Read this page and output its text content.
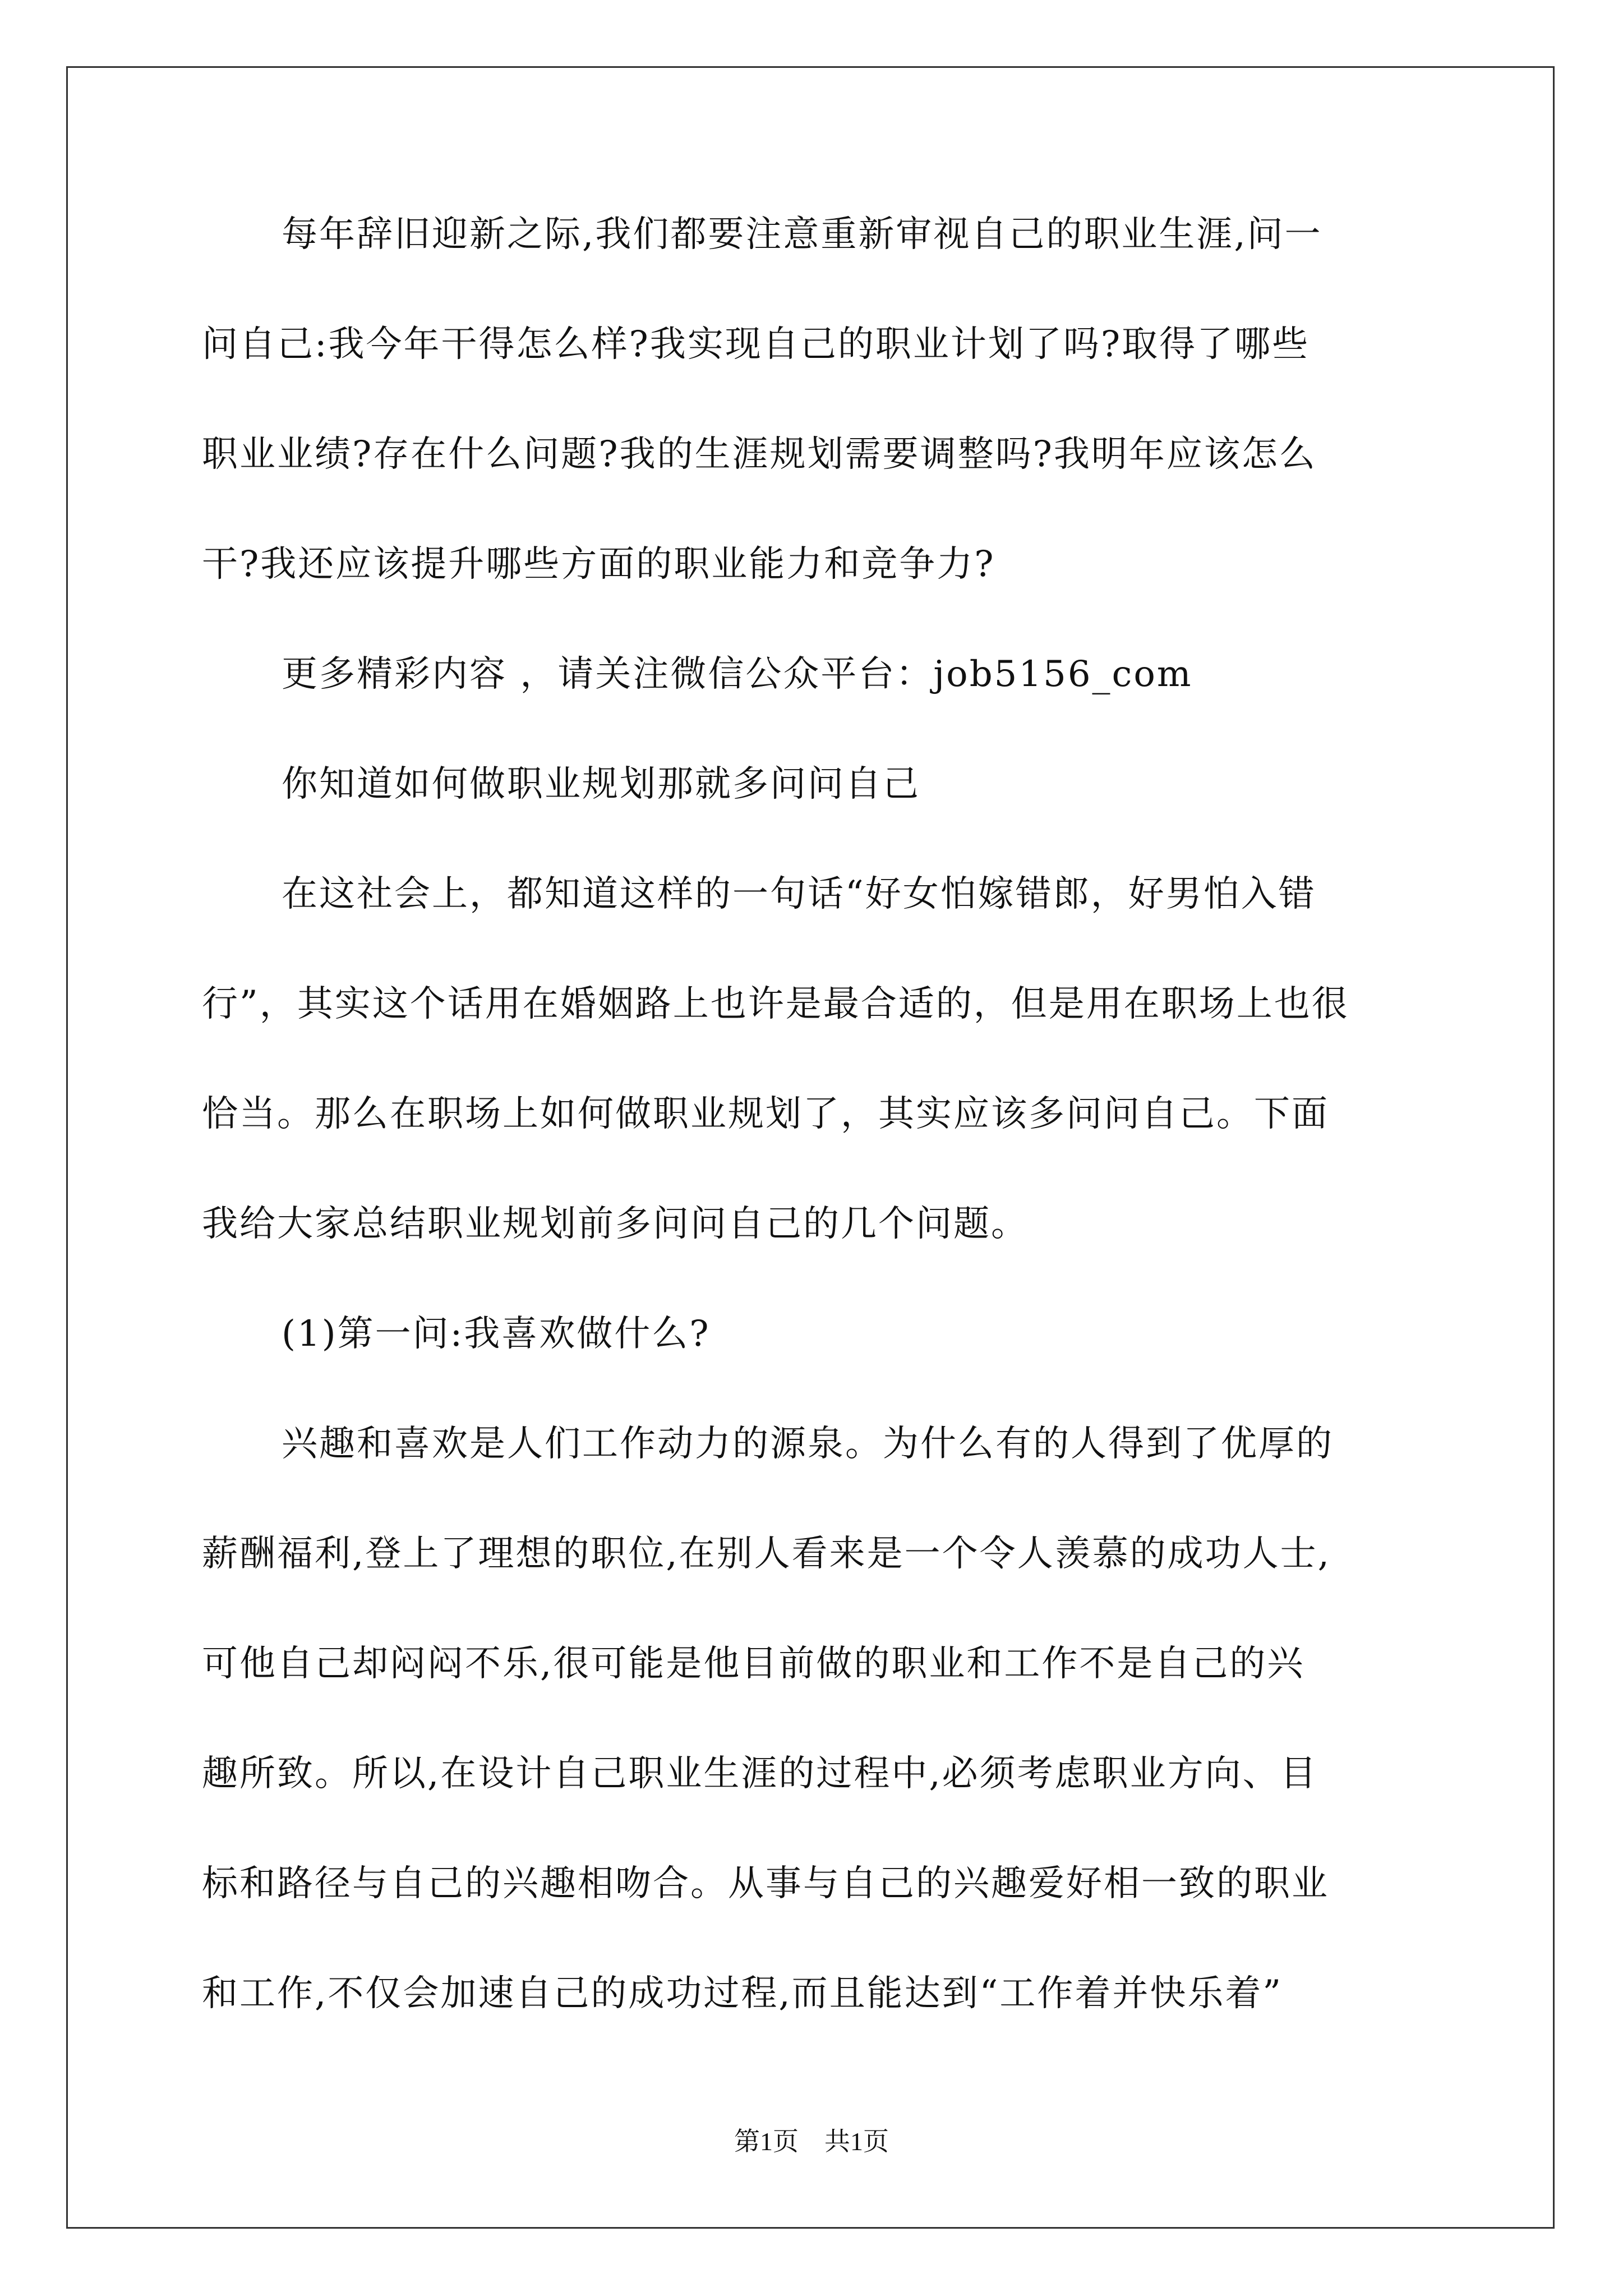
每年辞旧迎新之际,我们都要注意重新审视自己的职业生涯,问一
问自己:我今年干得怎么样?我实现自己的职业计划了吗?取得了哪些
职业业绩?存在什么问题?我的生涯规划需要调整吗?我明年应该怎么
干?我还应该提升哪些方面的职业能力和竞争力?
更多精彩内容 ，请关注微信公众平台：job5156_com
你知道如何做职业规划那就多问问自己
在这社会上，都知道这样的一句话“好女怕嫁错郎，好男怕入错
行”，其实这个话用在婚姻路上也许是最合适的，但是用在职场上也很
恰当。那么在职场上如何做职业规划了，其实应该多问问自己。下面
我给大家总结职业规划前多问问自己的几个问题。
(1)第一问:我喜欢做什么?
兴趣和喜欢是人们工作动力的源泉。为什么有的人得到了优厚的
薪酬福利,登上了理想的职位,在别人看来是一个令人羡慕的成功人士,
可他自己却闷闷不乐,很可能是他目前做的职业和工作不是自己的兴
趣所致。所以,在设计自己职业生涯的过程中,必须考虑职业方向、目
标和路径与自己的兴趣相吻合。从事与自己的兴趣爱好相一致的职业
和工作,不仅会加速自己的成功过程,而且能达到“工作着并快乐着”
第1页　共1页
